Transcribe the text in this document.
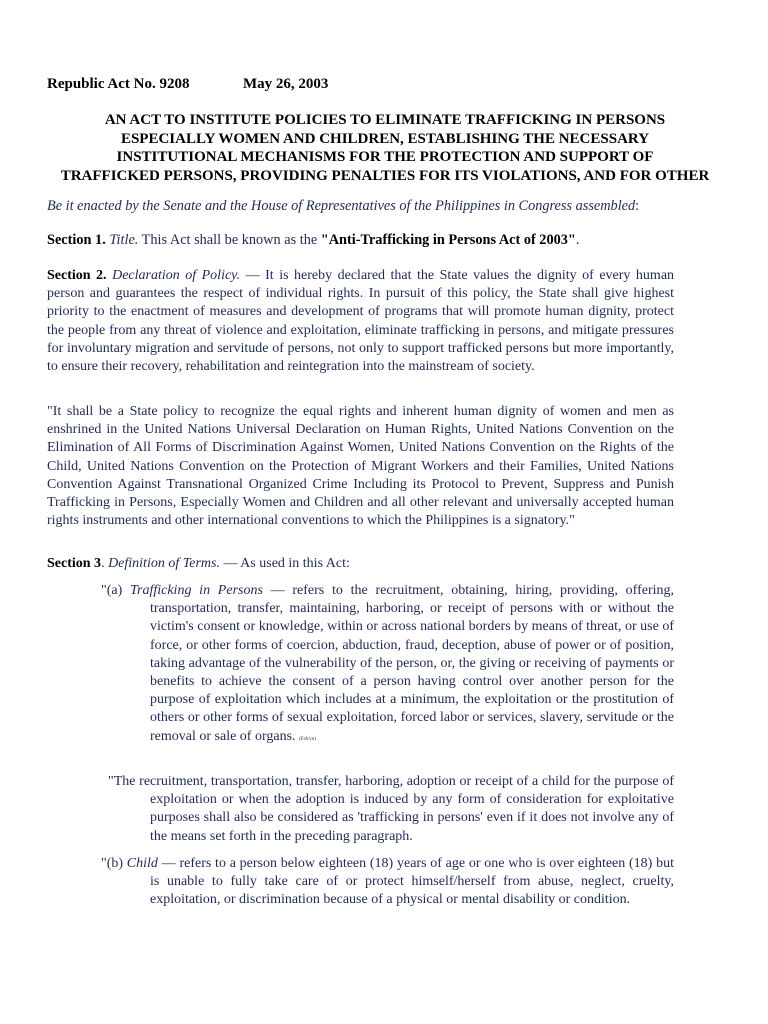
Republic Act No. 9208	May 26, 2003
AN ACT TO INSTITUTE POLICIES TO ELIMINATE TRAFFICKING IN PERSONS
ESPECIALLY WOMEN AND CHILDREN, ESTABLISHING THE NECESSARY
INSTITUTIONAL MECHANISMS FOR THE PROTECTION AND SUPPORT OF
TRAFFICKED PERSONS, PROVIDING PENALTIES FOR ITS VIOLATIONS, AND FOR OTHER
Be it enacted by the Senate and the House of Representatives of the Philippines in Congress assembled:
Section 1. Title. This Act shall be known as the "Anti-Trafficking in Persons Act of 2003".
Section 2. Declaration of Policy. — It is hereby declared that the State values the dignity of every human person and guarantees the respect of individual rights. In pursuit of this policy, the State shall give highest priority to the enactment of measures and development of programs that will promote human dignity, protect the people from any threat of violence and exploitation, eliminate trafficking in persons, and mitigate pressures for involuntary migration and servitude of persons, not only to support trafficked persons but more importantly, to ensure their recovery, rehabilitation and reintegration into the mainstream of society.
"It shall be a State policy to recognize the equal rights and inherent human dignity of women and men as enshrined in the United Nations Universal Declaration on Human Rights, United Nations Convention on the Elimination of All Forms of Discrimination Against Women, United Nations Convention on the Rights of the Child, United Nations Convention on the Protection of Migrant Workers and their Families, United Nations Convention Against Transnational Organized Crime Including its Protocol to Prevent, Suppress and Punish Trafficking in Persons, Especially Women and Children and all other relevant and universally accepted human rights instruments and other international conventions to which the Philippines is a signatory."
Section 3. Definition of Terms. — As used in this Act:
"(a) Trafficking in Persons — refers to the recruitment, obtaining, hiring, providing, offering, transportation, transfer, maintaining, harboring, or receipt of persons with or without the victim's consent or knowledge, within or across national borders by means of threat, or use of force, or other forms of coercion, abduction, fraud, deception, abuse of power or of position, taking advantage of the vulnerability of the person, or, the giving or receiving of payments or benefits to achieve the consent of a person having control over another person for the purpose of exploitation which includes at a minimum, the exploitation or the prostitution of others or other forms of sexual exploitation, forced labor or services, slavery, servitude or the removal or sale of organs. (Fsfcvn)
"The recruitment, transportation, transfer, harboring, adoption or receipt of a child for the purpose of exploitation or when the adoption is induced by any form of consideration for exploitative purposes shall also be considered as 'trafficking in persons' even if it does not involve any of the means set forth in the preceding paragraph.
"(b) Child — refers to a person below eighteen (18) years of age or one who is over eighteen (18) but is unable to fully take care of or protect himself/herself from abuse, neglect, cruelty, exploitation, or discrimination because of a physical or mental disability or condition.
